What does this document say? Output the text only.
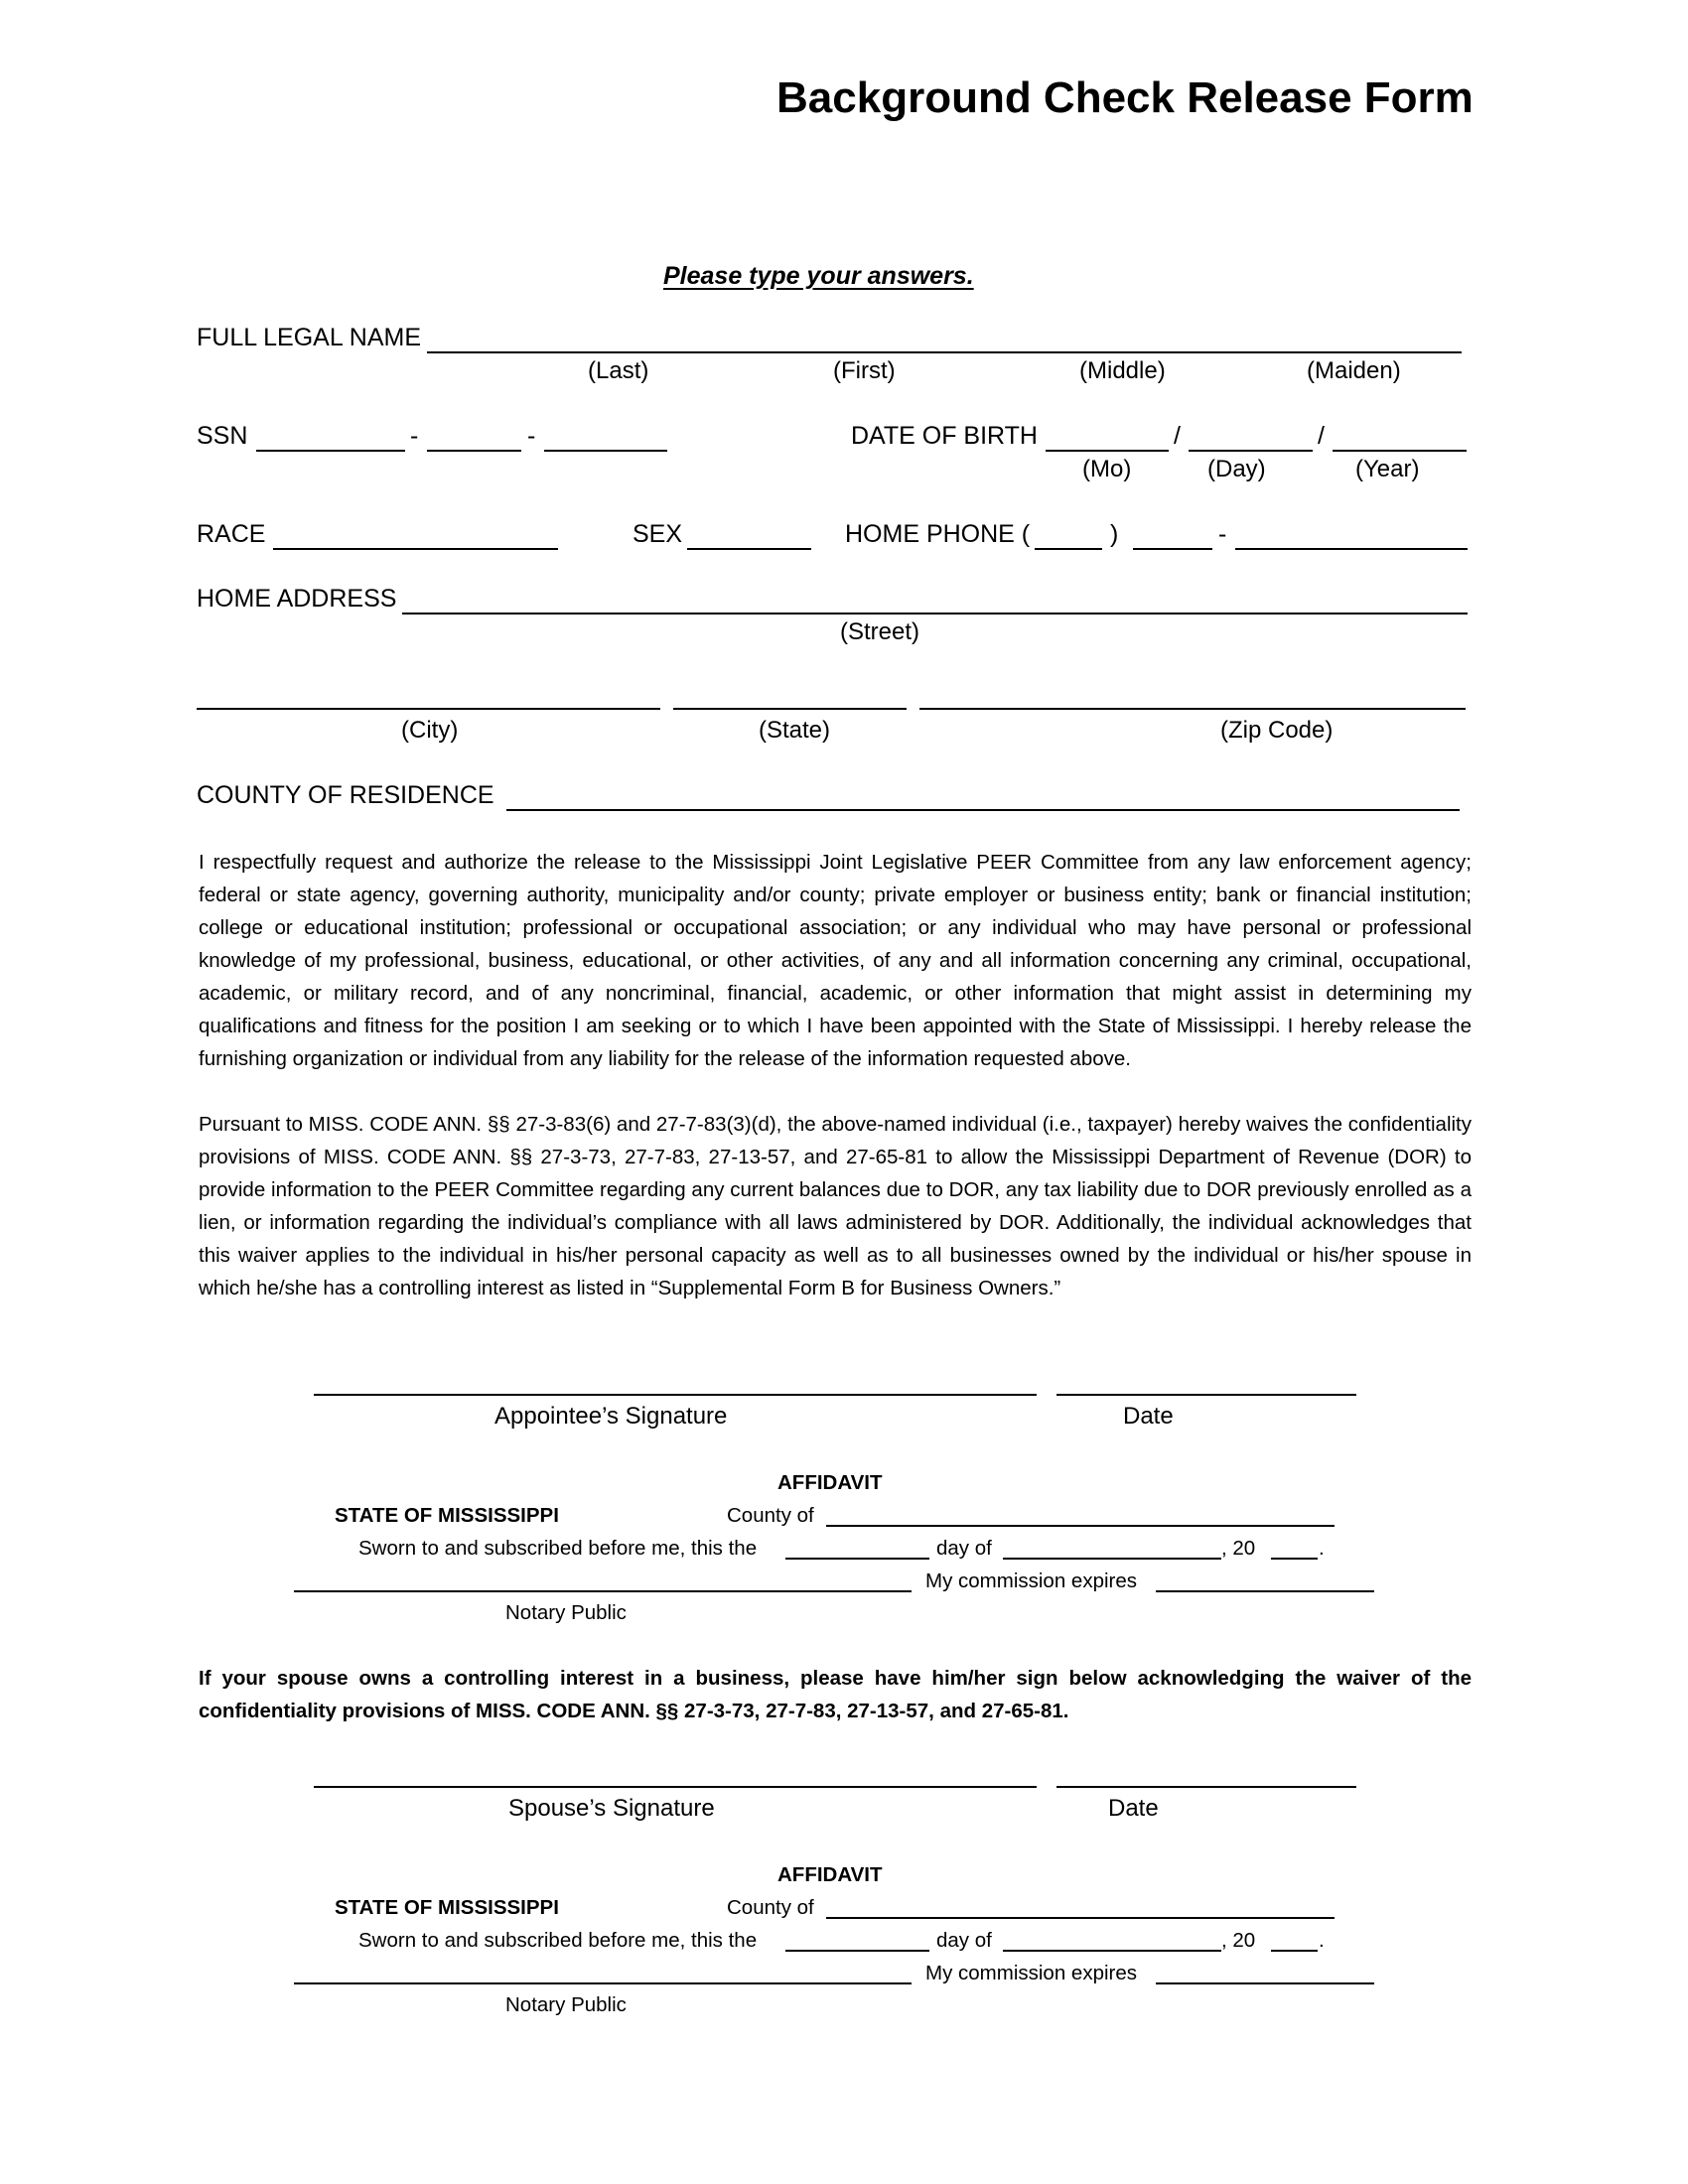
Background Check Release Form
Please type your answers.
FULL LEGAL NAME
(Last)	(First)	(Middle)	(Maiden)
SSN	-	-	DATE OF BIRTH	/	/
(Mo)	(Day)	(Year)
RACE	SEX	HOME PHONE (	)	-
HOME ADDRESS
(Street)
(City)	(State)	(Zip Code)
COUNTY OF RESIDENCE
I respectfully request and authorize the release to the Mississippi Joint Legislative PEER Committee from any law enforcement agency; federal or state agency, governing authority, municipality and/or county; private employer or business entity; bank or financial institution; college or educational institution; professional or occupational association; or any individual who may have personal or professional knowledge of my professional, business, educational, or other activities, of any and all information concerning any criminal, occupational, academic, or military record, and of any noncriminal, financial, academic, or other information that might assist in determining my qualifications and fitness for the position I am seeking or to which I have been appointed with the State of Mississippi. I hereby release the furnishing organization or individual from any liability for the release of the information requested above.
Pursuant to MISS. CODE ANN. §§ 27-3-83(6) and 27-7-83(3)(d), the above-named individual (i.e., taxpayer) hereby waives the confidentiality provisions of MISS. CODE ANN. §§ 27-3-73, 27-7-83, 27-13-57, and 27-65-81 to allow the Mississippi Department of Revenue (DOR) to provide information to the PEER Committee regarding any current balances due to DOR, any tax liability due to DOR previously enrolled as a lien, or information regarding the individual’s compliance with all laws administered by DOR. Additionally, the individual acknowledges that this waiver applies to the individual in his/her personal capacity as well as to all businesses owned by the individual or his/her spouse in which he/she has a controlling interest as listed in “Supplemental Form B for Business Owners.”
Appointee’s Signature	Date
AFFIDAVIT
STATE OF MISSISSIPPI	County of
Sworn to and subscribed before me, this the	day of	, 20	.
My commission expires
Notary Public
If your spouse owns a controlling interest in a business, please have him/her sign below acknowledging the waiver of the confidentiality provisions of MISS. CODE ANN. §§ 27-3-73, 27-7-83, 27-13-57, and 27-65-81.
Spouse’s Signature	Date
AFFIDAVIT
STATE OF MISSISSIPPI	County of
Sworn to and subscribed before me, this the	day of	, 20	.
My commission expires
Notary Public
